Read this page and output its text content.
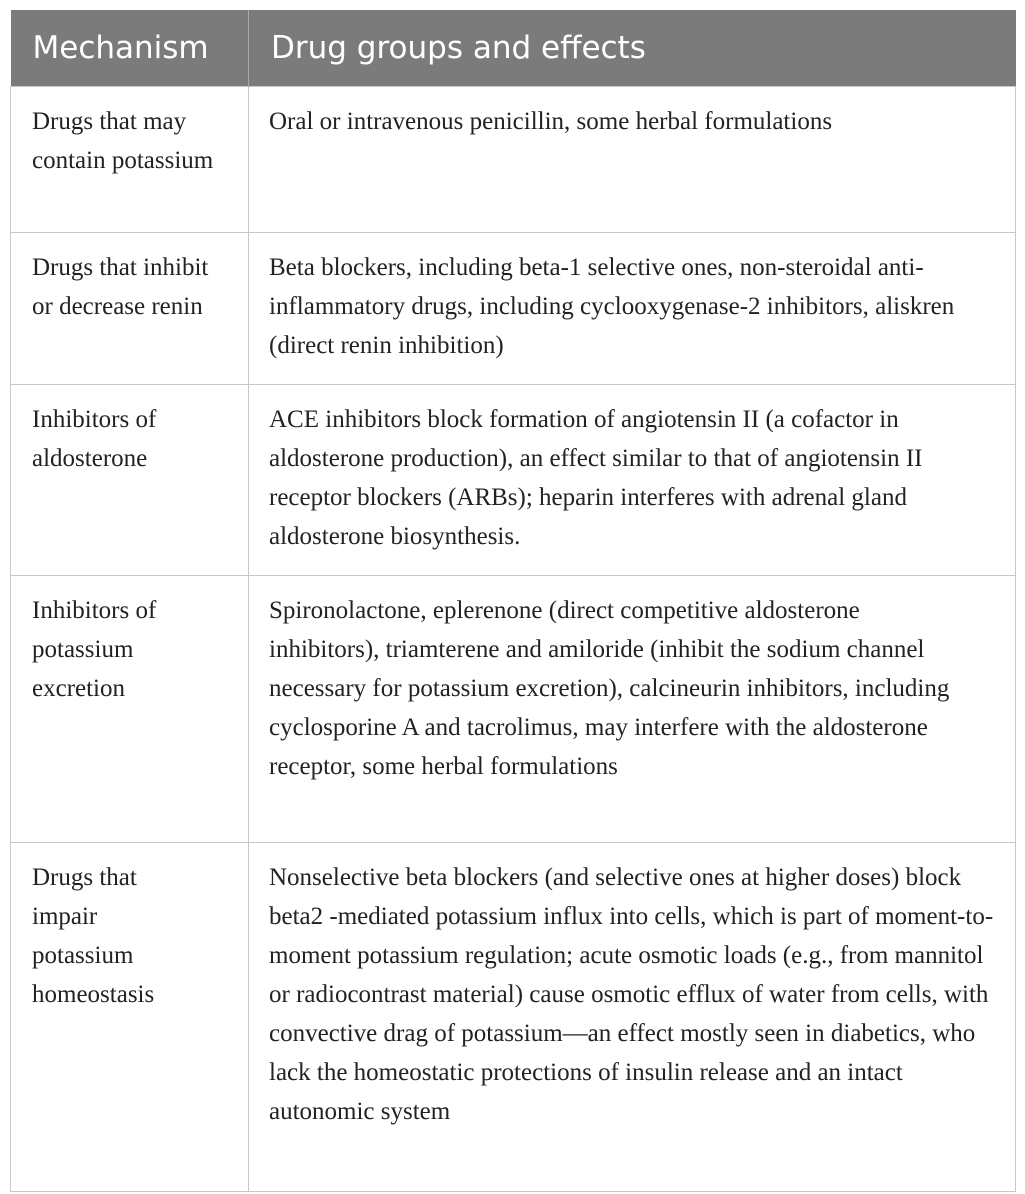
Mechanism	Drug groups and effects
Drugs that may contain potassium	Oral or intravenous penicillin, some herbal formulations
Drugs that inhibit or decrease renin	Beta blockers, including beta-1 selective ones, non-steroidal anti-inflammatory drugs, including cyclooxygenase-2 inhibitors, aliskren (direct renin inhibition)
Inhibitors of aldosterone	ACE inhibitors block formation of angiotensin II (a cofactor in aldosterone production), an effect similar to that of angiotensin II receptor blockers (ARBs); heparin interferes with adrenal gland aldosterone biosynthesis.
Inhibitors of potassium excretion	Spironolactone, eplerenone (direct competitive aldosterone inhibitors), triamterene and amiloride (inhibit the sodium channel necessary for potassium excretion), calcineurin inhibitors, including cyclosporine A and tacrolimus, may interfere with the aldosterone receptor, some herbal formulations
Drugs that impair potassium homeostasis	Nonselective beta blockers (and selective ones at higher doses) block beta2 -mediated potassium influx into cells, which is part of moment-to-moment potassium regulation; acute osmotic loads (e.g., from mannitol or radiocontrast material) cause osmotic efflux of water from cells, with convective drag of potassium—an effect mostly seen in diabetics, who lack the homeostatic protections of insulin release and an intact autonomic system
